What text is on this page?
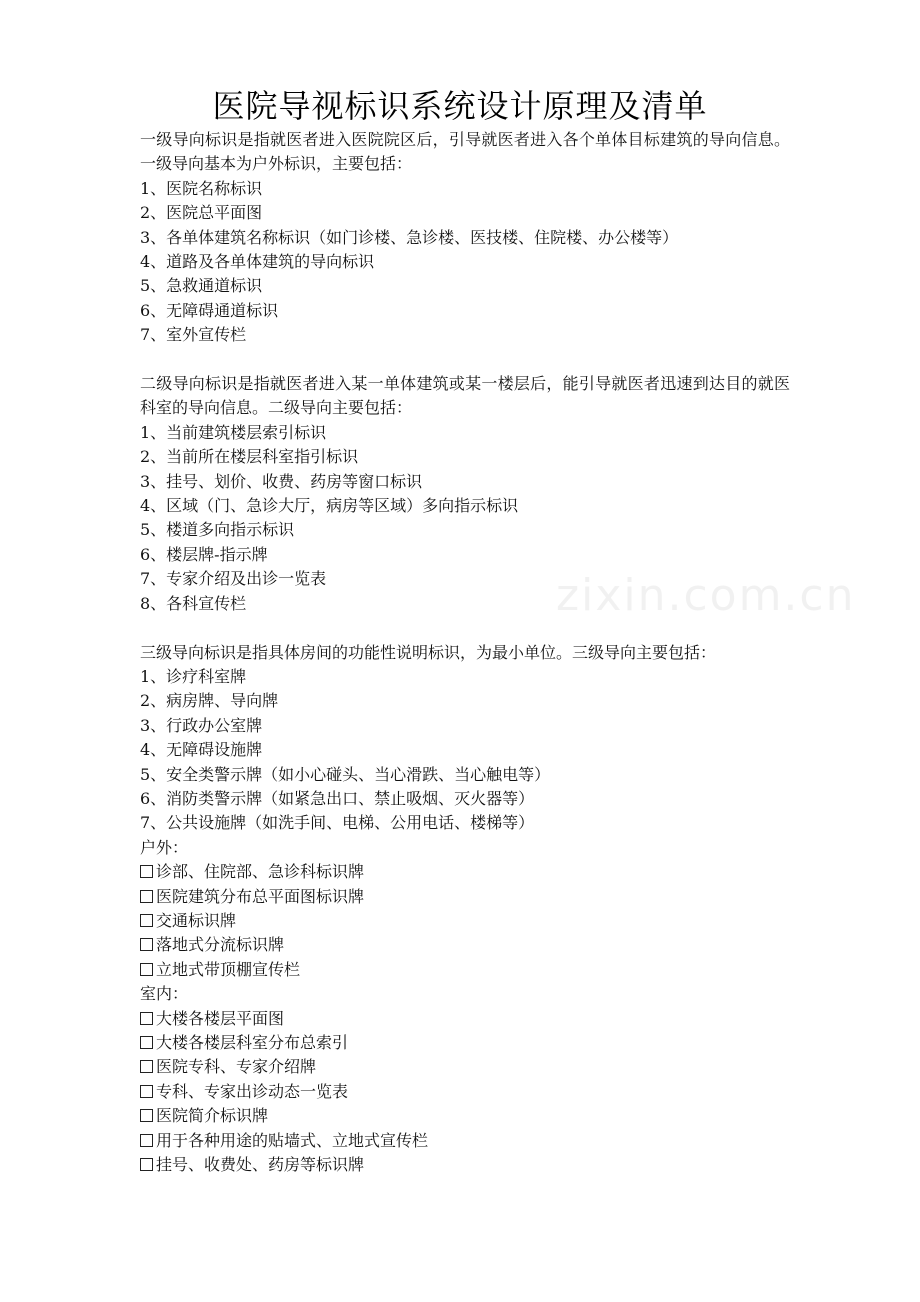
医院导视标识系统设计原理及清单

一级导向标识是指就医者进入医院院区后，引导就医者进入各个单体目标建筑的导向信息。一级导向基本为户外标识，主要包括：

1、医院名称标识

2、医院总平面图

3、各单体建筑名称标识（如门诊楼、急诊楼、医技楼、住院楼、办公楼等）

4、道路及各单体建筑的导向标识

5、急救通道标识

6、无障碍通道标识

7、室外宣传栏

二级导向标识是指就医者进入某一单体建筑或某一楼层后，能引导就医者迅速到达目的就医科室的导向信息。二级导向主要包括：

1、当前建筑楼层索引标识

2、当前所在楼层科室指引标识

3、挂号、划价、收费、药房等窗口标识

4、区域（门、急诊大厅，病房等区域）多向指示标识

5、楼道多向指示标识

6、楼层牌-指示牌

7、专家介绍及出诊一览表

8、各科宣传栏

三级导向标识是指具体房间的功能性说明标识，为最小单位。三级导向主要包括：

1、诊疗科室牌

2、病房牌、导向牌

3、行政办公室牌

4、无障碍设施牌

5、安全类警示牌（如小心碰头、当心滑跌、当心触电等）

6、消防类警示牌（如紧急出口、禁止吸烟、灭火器等）

7、公共设施牌（如洗手间、电梯、公用电话、楼梯等）

户外：

诊部、住院部、急诊科标识牌

医院建筑分布总平面图标识牌

交通标识牌

落地式分流标识牌

立地式带顶棚宣传栏

室内：

大楼各楼层平面图

大楼各楼层科室分布总索引

医院专科、专家介绍牌

专科、专家出诊动态一览表

医院简介标识牌

用于各种用途的贴墙式、立地式宣传栏

挂号、收费处、药房等标识牌

zixin.com.cn
